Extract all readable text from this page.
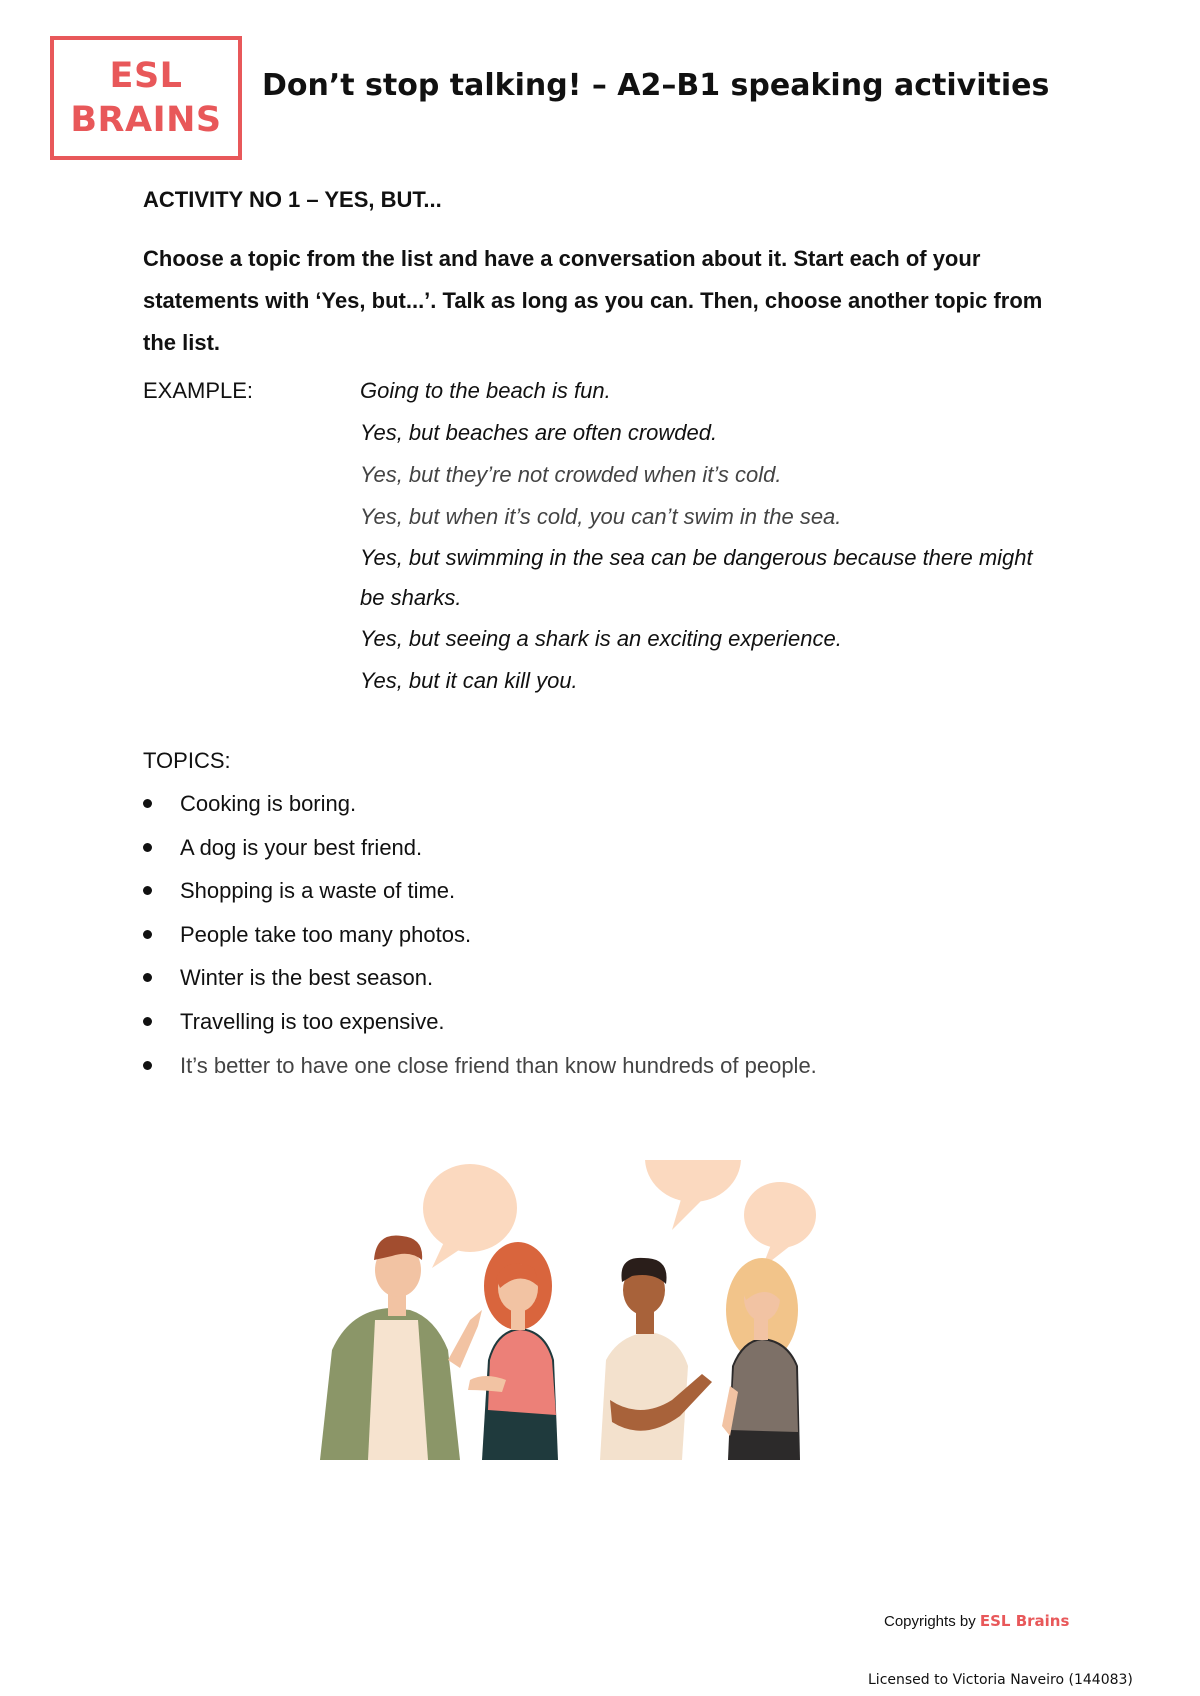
ESL
BRAINS
Don’t stop talking! – A2–B1 speaking activities
ACTIVITY NO 1 – YES, BUT...

Choose a topic from the list and have a conversation about it. Start each of your statements with ‘Yes, but...’. Talk as long as you can. Then, choose another topic from the list.

EXAMPLE:	Going to the beach is fun.
Yes, but beaches are often crowded.
Yes, but they’re not crowded when it’s cold.
Yes, but when it’s cold, you can’t swim in the sea.
Yes, but swimming in the sea can be dangerous because there might be sharks.
Yes, but seeing a shark is an exciting experience.
Yes, but it can kill you.
TOPICS:
Cooking is boring.
A dog is your best friend.
Shopping is a waste of time.
People take too many photos.
Winter is the best season.
Travelling is too expensive.
It’s better to have one close friend than know hundreds of people.
Copyrights by ESL Brains
Licensed to Victoria Naveiro (144083)
